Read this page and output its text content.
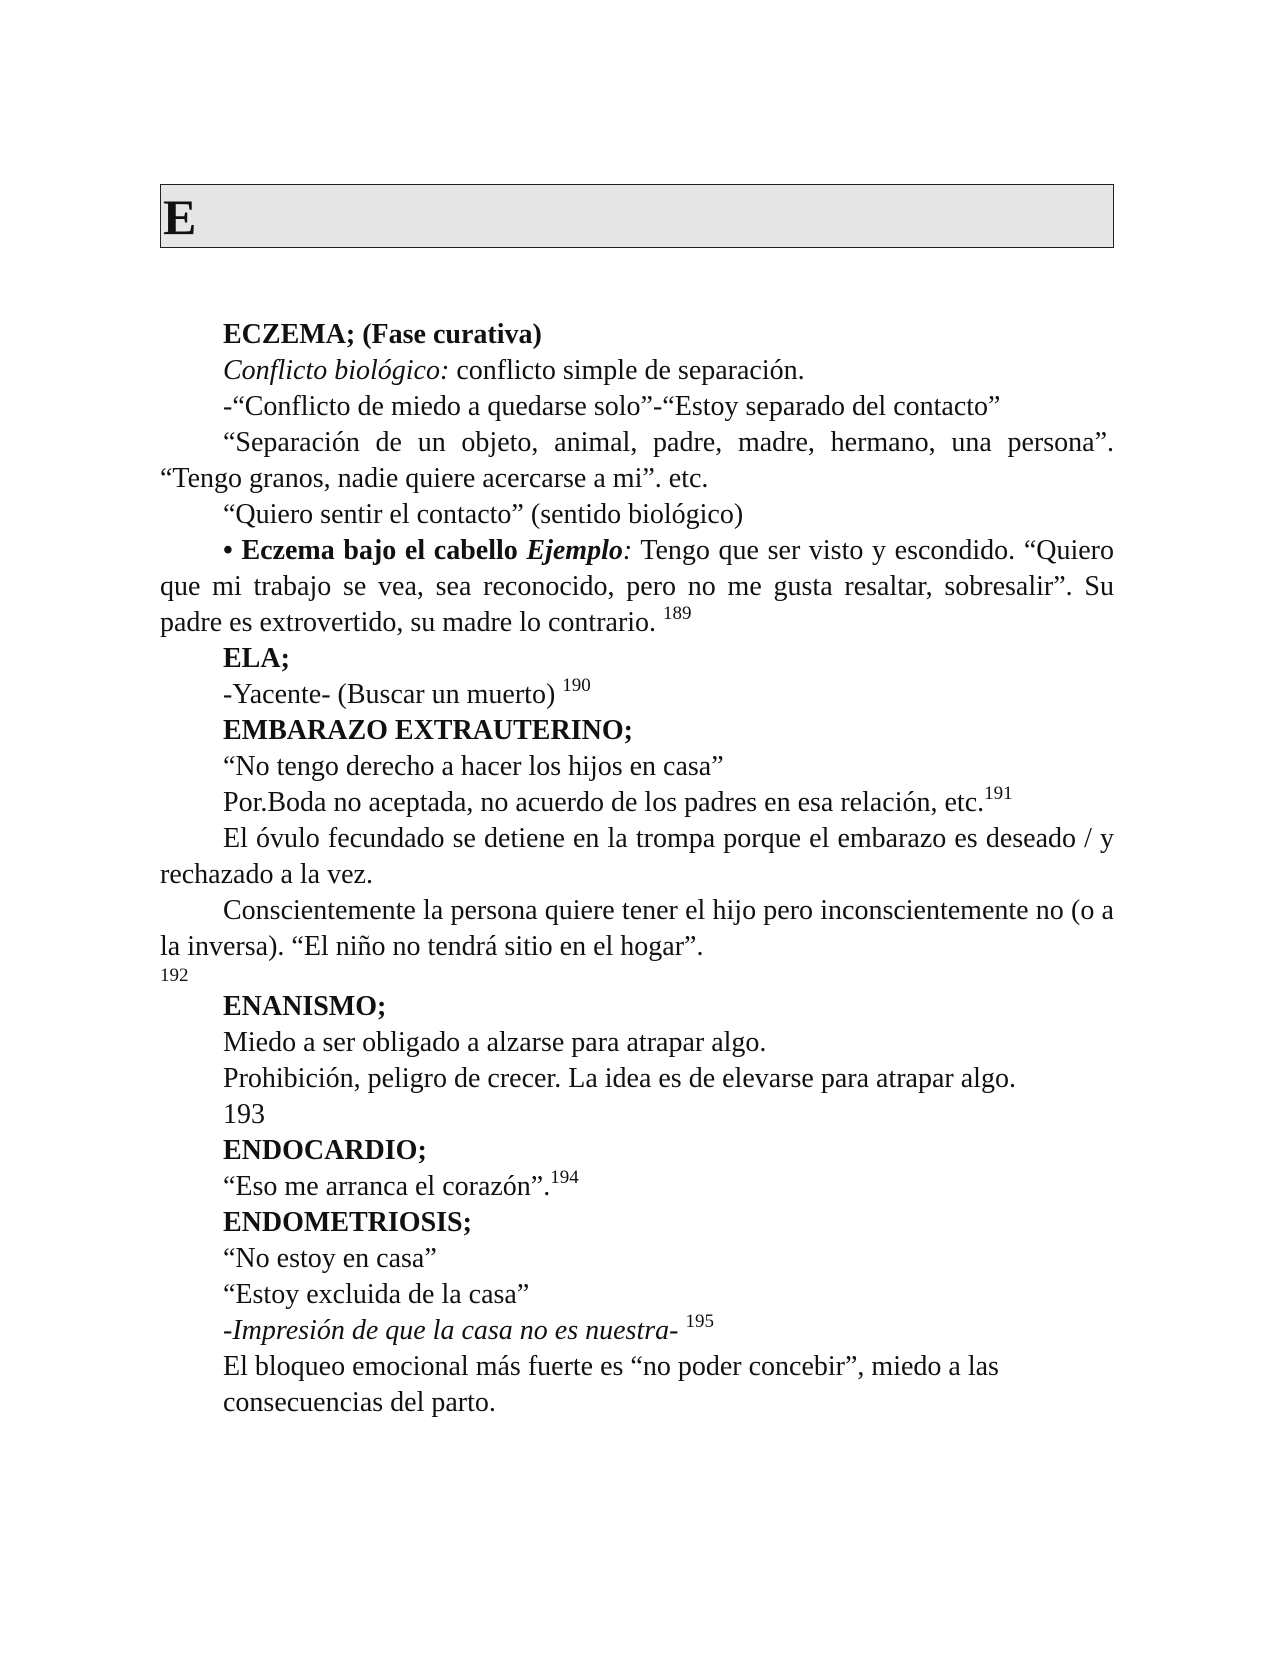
E

ECZEMA; (Fase curativa)

Conflicto biológico: conflicto simple de separación.

-“Conflicto de miedo a quedarse solo”-“Estoy separado del contacto”

“Separación de un objeto, animal, padre, madre, hermano, una persona”. “Tengo granos, nadie quiere acercarse a mi”. etc.

“Quiero sentir el contacto” (sentido biológico)

• Eczema bajo el cabello Ejemplo: Tengo que ser visto y escondido. “Quiero que mi trabajo se vea, sea reconocido, pero no me gusta resaltar, sobresalir”. Su padre es extrovertido, su madre lo contrario. $^{189}$

ELA;

-Yacente- (Buscar un muerto) $^{190}$

EMBARAZO EXTRAUTERINO;

“No tengo derecho a hacer los hijos en casa”

Por.Boda no aceptada, no acuerdo de los padres en esa relación, etc.$^{191}$

El óvulo fecundado se detiene en la trompa porque el embarazo es deseado / y rechazado a la vez.

Conscientemente la persona quiere tener el hijo pero inconscientemente no (o a la inversa). “El niño no tendrá sitio en el hogar”.

192

ENANISMO;

Miedo a ser obligado a alzarse para atrapar algo.

Prohibición, peligro de crecer. La idea es de elevarse para atrapar algo.

193

ENDOCARDIO;

“Eso me arranca el corazón”.$^{194}$

ENDOMETRIOSIS;

“No estoy en casa”

“Estoy excluida de la casa”

-Impresión de que la casa no es nuestra- $^{195}$

El bloqueo emocional más fuerte es “no poder concebir”, miedo a las consecuencias del parto.
